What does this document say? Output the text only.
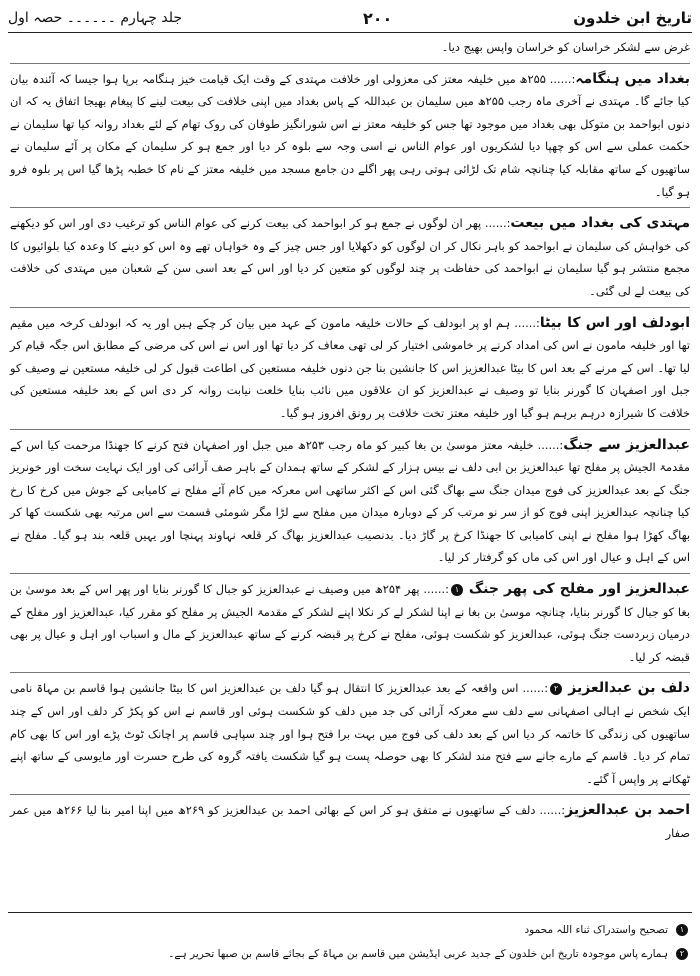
تاریخ ابن خلدون
۲۰۰
جلد چہارم ۔۔۔۔۔۔ حصہ اول

غرض سے لشکر خراسان کو خراسان واپس بھیج دیا۔

بغداد میں ہنگامہ:...... ۲۵۵ھ میں خلیفہ معتز کی معزولی اور خلافت مہتدی کے وقت ایک قیامت خیز ہنگامہ برپا ہوا جیسا کہ آئندہ بیان کیا جائے گا۔ مہتدی نے آخری ماہ رجب ۲۵۵ھ میں سلیمان بن عبداللہ کے پاس بغداد میں اپنی خلافت کی بیعت لینے کا پیغام بھیجا اتفاق یہ کہ ان دنوں ابواحمد بن متوکل بھی بغداد میں موجود تھا جس کو خلیفہ معتز نے اس شورانگیز طوفان کی روک تھام کے لئے بغداد روانہ کیا تھا سلیمان نے حکمت عملی سے اس کو چھپا دیا لشکریوں اور عوام الناس نے اسی وجہ سے بلوہ کر دیا اور جمع ہو کر سلیمان کے مکان پر آئے سلیمان نے ساتھیوں کے ساتھ مقابلہ کیا چنانچہ شام تک لڑائی ہوتی رہی پھر اگلے دن جامع مسجد میں خلیفہ معتز کے نام کا خطبہ پڑھا گیا اس پر بلوہ فرو ہو گیا۔

مہتدی کی بغداد میں بیعت:...... پھر ان لوگوں نے جمع ہو کر ابواحمد کی بیعت کرنے کی عوام الناس کو ترغیب دی اور اس کو دیکھنے کی خواہش کی سلیمان نے ابواحمد کو باہر نکال کر ان لوگوں کو دکھلایا اور جس چیز کے وہ خواہاں تھے وہ اس کو دینے کا وعدہ کیا بلوائیوں کا مجمع منتشر ہو گیا سلیمان نے ابواحمد کی حفاظت پر چند لوگوں کو متعین کر دیا اور اس کے بعد اسی سن کے شعبان میں مہتدی کی خلافت کی بیعت لے لی گئی۔

ابودلف اور اس کا بیٹا:...... ہم او پر ابودلف کے حالات خلیفہ مامون کے عہد میں بیان کر چکے ہیں اور یہ کہ ابودلف کرخہ میں مقیم تھا اور خلیفہ مامون نے اس کی امداد کرنے پر خاموشی اختیار کر لی تھی معاف کر دیا تھا اور اس نے اس کی مرضی کے مطابق اس جگہ قیام کر لیا تھا۔ اس کے مرنے کے بعد اس کا بیٹا عبدالعزیز اس کا جانشین بنا جن دنوں خلیفہ مستعین کی اطاعت قبول کر لی خلیفہ مستعین نے وصیف کو جبل اور اصفہان کا گورنر بنایا تو وصیف نے عبدالعزیز کو ان علاقوں میں نائب بنایا خلعت نیابت روانہ کر دی اس کے بعد خلیفہ مستعین کی خلافت کا شیرازہ درہم برہم ہو گیا اور خلیفہ معتز تخت خلافت پر رونق افروز ہو گیا۔

عبدالعزیز سے جنگ:...... خلیفہ معتز موسیٰ بن بغا کبیر کو ماہ رجب ۲۵۳ھ میں جبل اور اصفہان فتح کرنے کا جھنڈا مرحمت کیا اس کے مقدمۃ الجیش پر مفلح تھا عبدالعزیز بن ابی دلف نے بیس ہزار کے لشکر کے ساتھ ہمدان کے باہر صف آرائی کی اور ایک نہایت سخت اور خونریز جنگ کے بعد عبدالعزیز کی فوج میدان جنگ سے بھاگ گئی اس کے اکثر ساتھی اس معرکہ میں کام آئے مفلح نے کامیابی کے جوش میں کرخ کا رخ کیا چنانچہ عبدالعزیز اپنی فوج کو از سر نو مرتب کر کے دوبارہ میدان میں مفلح سے لڑا مگر شومئی قسمت سے اس مرتبہ بھی شکست کھا کر بھاگ کھڑا ہوا مفلح نے اپنی کامیابی کا جھنڈا کرخ پر گاڑ دیا۔ بدنصیب عبدالعزیز بھاگ کر قلعہ نہاوند پہنچا اور یہیں قلعہ بند ہو گیا۔ مفلح نے اس کے اہل و عیال اور اس کی ماں کو گرفتار کر لیا۔

عبدالعزیز اور مفلح کی پھر جنگ ۱:...... پھر ۲۵۴ھ میں وصیف نے عبدالعزیز کو جبال کا گورنر بنایا اور پھر اس کے بعد موسیٰ بن بغا کو جبال کا گورنر بنایا، چنانچہ موسیٰ بن بغا نے اپنا لشکر لے کر نکلا اپنے لشکر کے مقدمۃ الجیش پر مفلح کو مقرر کیا، عبدالعزیز اور مفلح کے درمیان زبردست جنگ ہوئی، عبدالعزیز کو شکست ہوئی، مفلح نے کرخ پر قبضہ کرنے کے ساتھ عبدالعزیز کے مال و اسباب اور اہل و عیال پر بھی قبضہ کر لیا۔

دلف بن عبدالعزیز ۲:...... اس واقعہ کے بعد عبدالعزیز کا انتقال ہو گیا دلف بن عبدالعزیز اس کا بیٹا جانشین ہوا قاسم بن مہاۃ نامی ایک شخص نے اہالی اصفہانی سے دلف سے معرکہ آرائی کی جد میں دلف کو شکست ہوئی اور قاسم نے اس کو پکڑ کر دلف اور اس کے چند ساتھیوں کی زندگی کا خاتمہ کر دیا اس کے بعد دلف کی فوج میں بہت برا فتح ہوا اور چند سپاہی قاسم پر اچانک ٹوٹ پڑے اور اس کا بھی کام تمام کر دیا۔ قاسم کے مارے جانے سے فتح مند لشکر کا بھی حوصلہ پست ہو گیا شکست یافتہ گروہ کی طرح حسرت اور مایوسی کے ساتھ اپنے ٹھکانے پر واپس آ گئے۔

احمد بن عبدالعزیز:...... دلف کے ساتھیوں نے متفق ہو کر اس کے بھائی احمد بن عبدالعزیز کو ۲۶۹ھ میں اپنا امیر بنا لیا ۲۶۶ھ میں عمر صفار

۱
تصحیح واستدراک ثناء اللہ محمود
۲
ہمارے پاس موجودہ تاریخ ابن خلدون کے جدید عربی ایڈیشن میں قاسم بن مہاۃ کے بجائے قاسم بن صبھا تحریر ہے۔
